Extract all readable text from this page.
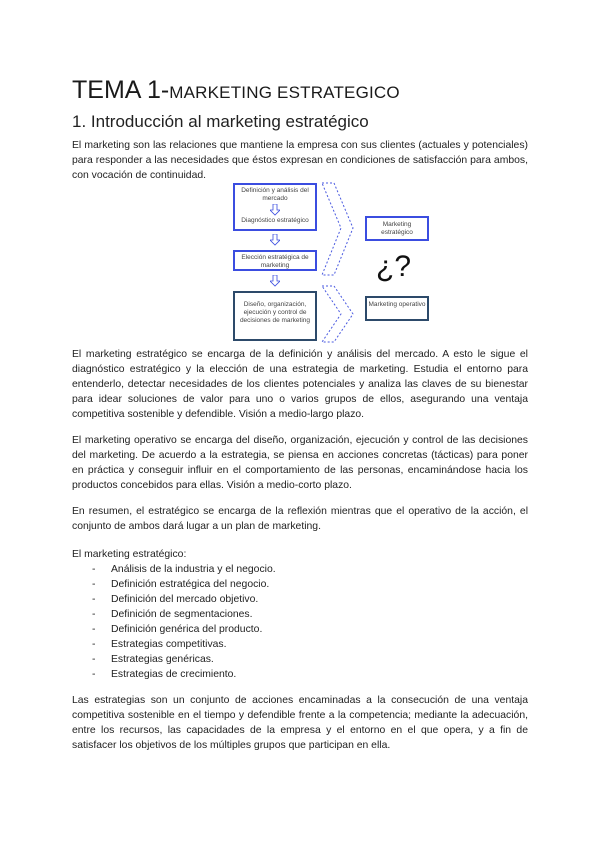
TEMA 1-MARKETING ESTRATEGICO
1. Introducción al marketing estratégico
El marketing son las relaciones que mantiene la empresa con sus clientes (actuales y potenciales) para responder a las necesidades que éstos expresan en condiciones de satisfacción para ambos, con vocación de continuidad.
Definición y análisis del mercado
Diagnóstico estratégico
Elección estratégica de marketing
Diseño, organización, ejecución y control de decisiones de marketing
Marketing estratégico
¿?
Marketing operativo
El marketing estratégico se encarga de la definición y análisis del mercado. A esto le sigue el diagnóstico estratégico y la elección de una estrategia de marketing. Estudia el entorno para entenderlo, detectar necesidades de los clientes potenciales y analiza las claves de su bienestar para idear soluciones de valor para uno o varios grupos de ellos, asegurando una ventaja competitiva sostenible y defendible. Visión a medio-largo plazo.
El marketing operativo se encarga del diseño, organización, ejecución y control de las decisiones del marketing. De acuerdo a la estrategia, se piensa en acciones concretas (tácticas) para poner en práctica y conseguir influir en el comportamiento de las personas, encaminándose hacia los productos concebidos para ellas. Visión a medio-corto plazo.
En resumen, el estratégico se encarga de la reflexión mientras que el operativo de la acción, el conjunto de ambos dará lugar a un plan de marketing.
El marketing estratégico:
- Análisis de la industria y el negocio.
- Definición estratégica del negocio.
- Definición del mercado objetivo.
- Definición de segmentaciones.
- Definición genérica del producto.
- Estrategias competitivas.
- Estrategias genéricas.
- Estrategias de crecimiento.
Las estrategias son un conjunto de acciones encaminadas a la consecución de una ventaja competitiva sostenible en el tiempo y defendible frente a la competencia; mediante la adecuación, entre los recursos, las capacidades de la empresa y el entorno en el que opera, y a fin de satisfacer los objetivos de los múltiples grupos que participan en ella.
